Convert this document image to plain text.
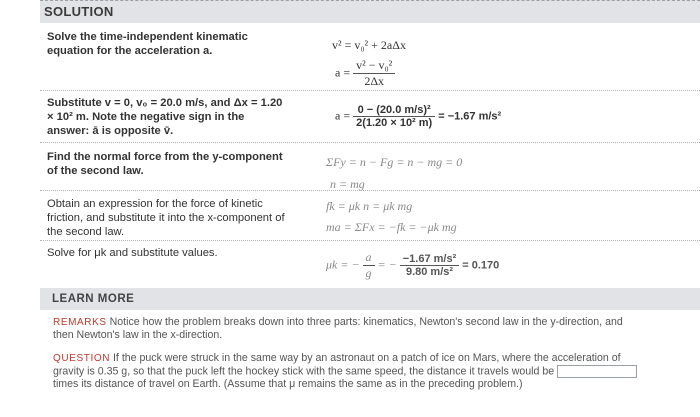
SOLUTION
Solve the time-independent kinematic equation for the acceleration a.	v² = v₀² + 2aΔx
$a = \frac{\text{v² − v₀²}}{2\Delta x}$
Substitute v = 0, v₀ = 20.0 m/s, and Δx = 1.20 × 10² m. Note the negative sign in the answer: ā is opposite v̄.
$a = \frac{\text{0 − (20.0 m/s)²}}{\text{2(1.20 × 10² m)}} = -1.67$ m/s²
Find the normal force from the y-component of the second law.
ΣFy = n − Fg = n − mg = 0
n = mg
Obtain an expression for the force of kinetic friction, and substitute it into the x-component of the second law.
fk = μk n = μk mg
ma = ΣFx = −fk = −μk mg
Solve for μk and substitute values.
μk = − $\frac{a}{g}$ = − $\frac{\text{−1.67 m/s²}}{\text{9.80 m/s²}} = 0.170$
LEARN MORE
REMARKS Notice how the problem breaks down into three parts: kinematics, Newton's second law in the y-direction, and then Newton's law in the x-direction.
QUESTION If the puck were struck in the same way by an astronaut on a patch of ice on Mars, where the acceleration of gravity is 0.35 g, so that the puck left the hockey stick with the same speed, the distance it travels would be  times its distance of travel on Earth. (Assume that μ remains the same as in the preceding problem.)
